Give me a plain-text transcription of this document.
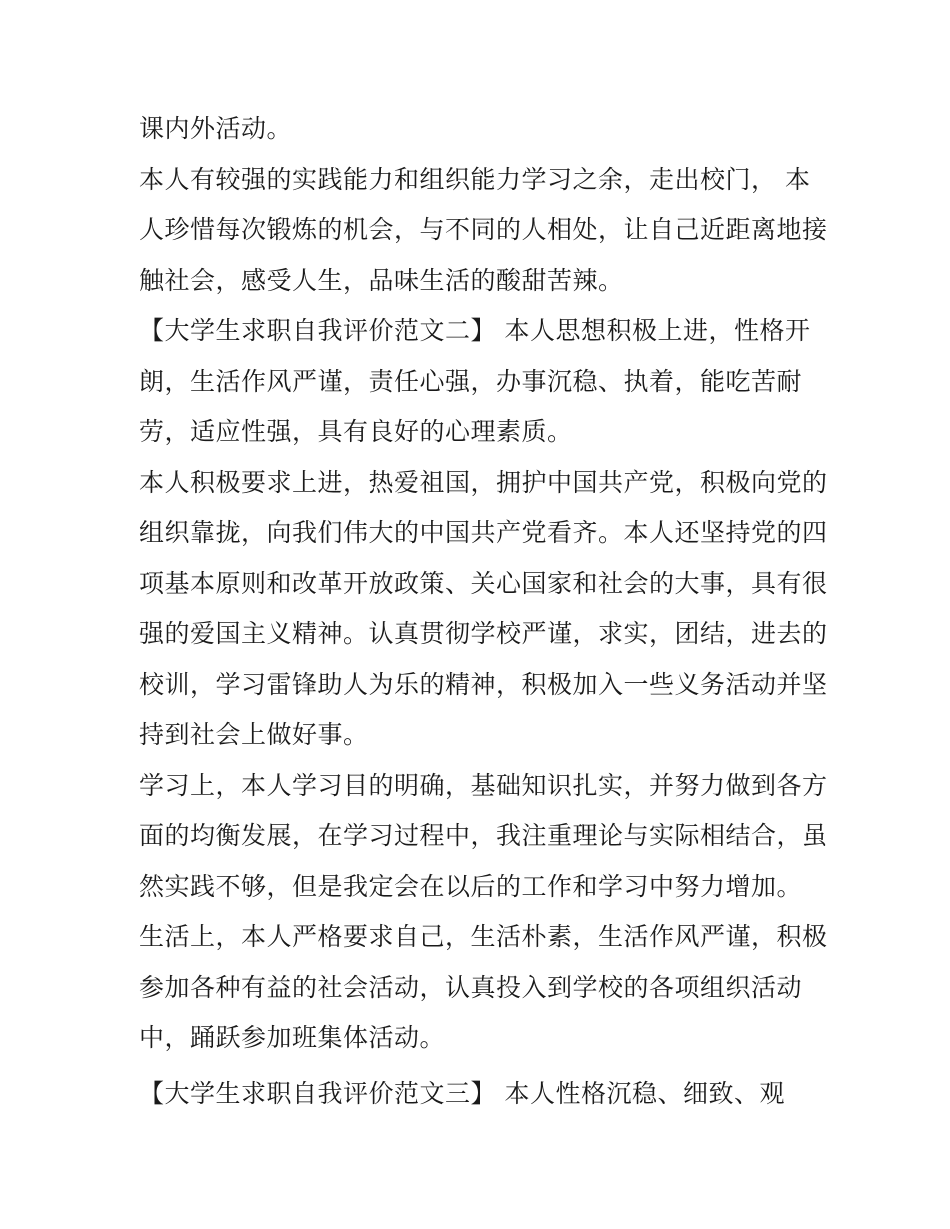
课内外活动。
本人有较强的实践能力和组织能力学习之余，走出校门， 本
人珍惜每次锻炼的机会，与不同的人相处，让自己近距离地接
触社会，感受人生，品味生活的酸甜苦辣。
【大学生求职自我评价范文二】 本人思想积极上进，性格开
朗，生活作风严谨，责任心强，办事沉稳、执着，能吃苦耐
劳，适应性强，具有良好的心理素质。
本人积极要求上进，热爱祖国，拥护中国共产党，积极向党的
组织靠拢，向我们伟大的中国共产党看齐。本人还坚持党的四
项基本原则和改革开放政策、关心国家和社会的大事，具有很
强的爱国主义精神。认真贯彻学校严谨，求实，团结，进去的
校训，学习雷锋助人为乐的精神，积极加入一些义务活动并坚
持到社会上做好事。
学习上，本人学习目的明确，基础知识扎实，并努力做到各方
面的均衡发展，在学习过程中，我注重理论与实际相结合，虽
然实践不够，但是我定会在以后的工作和学习中努力增加。
生活上，本人严格要求自己，生活朴素，生活作风严谨，积极
参加各种有益的社会活动，认真投入到学校的各项组织活动
中，踊跃参加班集体活动。
【大学生求职自我评价范文三】 本人性格沉稳、细致、观
